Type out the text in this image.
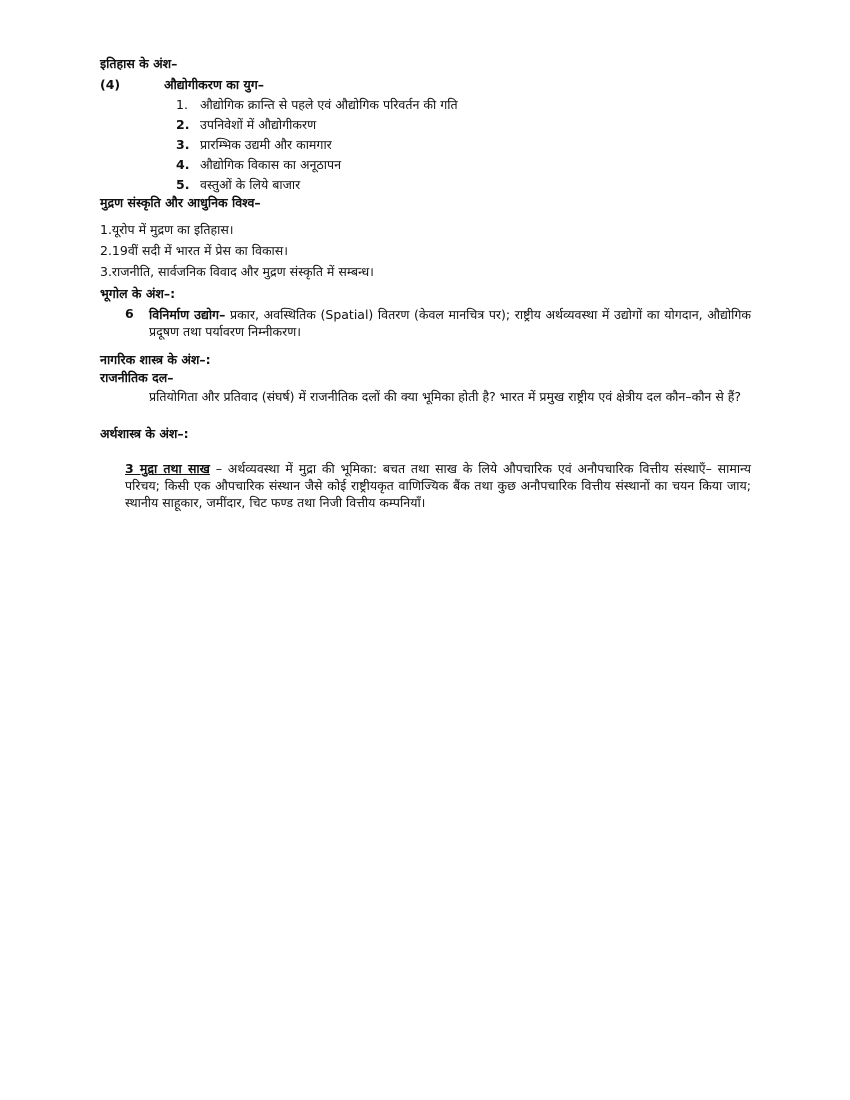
इतिहास के अंश–
(4)	औद्योगीकरण का युग–
1. औद्योगिक क्रान्ति से पहले एवं औद्योगिक परिवर्तन की गति
2. उपनिवेशों में औद्योगीकरण
3. प्रारम्भिक उद्यमी और कामगार
4. औद्योगिक विकास का अनूठापन
5. वस्तुओं के लिये बाजार
मुद्रण संस्कृति और आधुनिक विश्व–
1.यूरोप में मुद्रण का इतिहास।
2.19वीं सदी में भारत में प्रेस का विकास।
3.राजनीति, सार्वजनिक विवाद और मुद्रण संस्कृति में सम्बन्ध।
भूगोल के अंश–:
6 विनिर्माण उद्योग– प्रकार, अवस्थितिक (Spatial) वितरण (केवल मानचित्र पर); राष्ट्रीय अर्थव्यवस्था में उद्योगों का योगदान, औद्योगिक प्रदूषण तथा पर्यावरण निम्नीकरण।
नागरिक शास्त्र के अंश–:
राजनीतिक दल–
प्रतियोगिता और प्रतिवाद (संघर्ष) में राजनीतिक दलों की क्या भूमिका होती है? भारत में प्रमुख राष्ट्रीय एवं क्षेत्रीय दल कौन–कौन से हैं?
अर्थशास्त्र के अंश–:
3 मुद्रा तथा साख – अर्थव्यवस्था में मुद्रा की भूमिका: बचत तथा साख के लिये औपचारिक एवं अनौपचारिक वित्तीय संस्थाएँ– सामान्य परिचय; किसी एक औपचारिक संस्थान जैसे कोई राष्ट्रीयकृत वाणिज्यिक बैंक तथा कुछ अनौपचारिक वित्तीय संस्थानों का चयन किया जाय; स्थानीय साहूकार, जमींदार, चिट फण्ड तथा निजी वित्तीय कम्पनियाँ।
